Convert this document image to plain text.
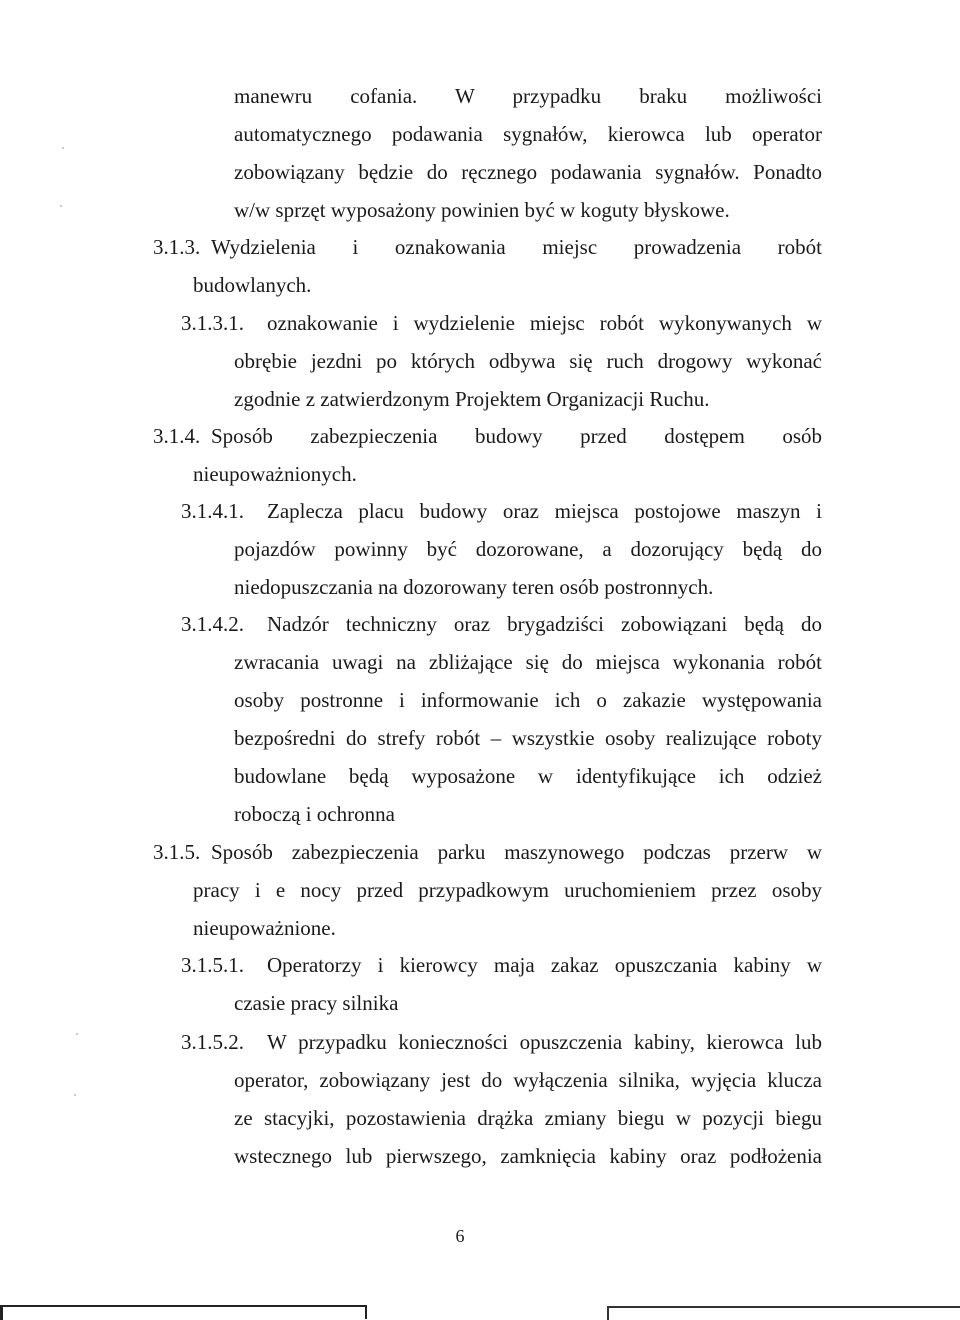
manewru cofania. W przypadku braku możliwości
automatycznego podawania sygnałów, kierowca lub operator
zobowiązany będzie do ręcznego podawania sygnałów. Ponadto
w/w sprzęt wyposażony powinien być w koguty błyskowe.
3.1.3. Wydzielenia i oznakowania miejsc prowadzenia robót
budowlanych.
3.1.3.1. oznakowanie i wydzielenie miejsc robót wykonywanych w
obrębie jezdni po których odbywa się ruch drogowy wykonać
zgodnie z zatwierdzonym Projektem Organizacji Ruchu.
3.1.4. Sposób zabezpieczenia budowy przed dostępem osób
nieupoważnionych.
3.1.4.1. Zaplecza placu budowy oraz miejsca postojowe maszyn i
pojazdów powinny być dozorowane, a dozorujący będą do
niedopuszczania na dozorowany teren osób postronnych.
3.1.4.2. Nadzór techniczny oraz brygadziści zobowiązani będą do
zwracania uwagi na zbliżające się do miejsca wykonania robót
osoby postronne i informowanie ich o zakazie występowania
bezpośredni do strefy robót – wszystkie osoby realizujące roboty
budowlane będą wyposażone w identyfikujące ich odzież
roboczą i ochronna
3.1.5. Sposób zabezpieczenia parku maszynowego podczas przerw w
pracy i e nocy przed przypadkowym uruchomieniem przez osoby
nieupoważnione.
3.1.5.1. Operatorzy i kierowcy maja zakaz opuszczania kabiny w
czasie pracy silnika
3.1.5.2. W przypadku konieczności opuszczenia kabiny, kierowca lub
operator, zobowiązany jest do wyłączenia silnika, wyjęcia klucza
ze stacyjki, pozostawienia drążka zmiany biegu w pozycji biegu
wstecznego lub pierwszego, zamknięcia kabiny oraz podłożenia
6
